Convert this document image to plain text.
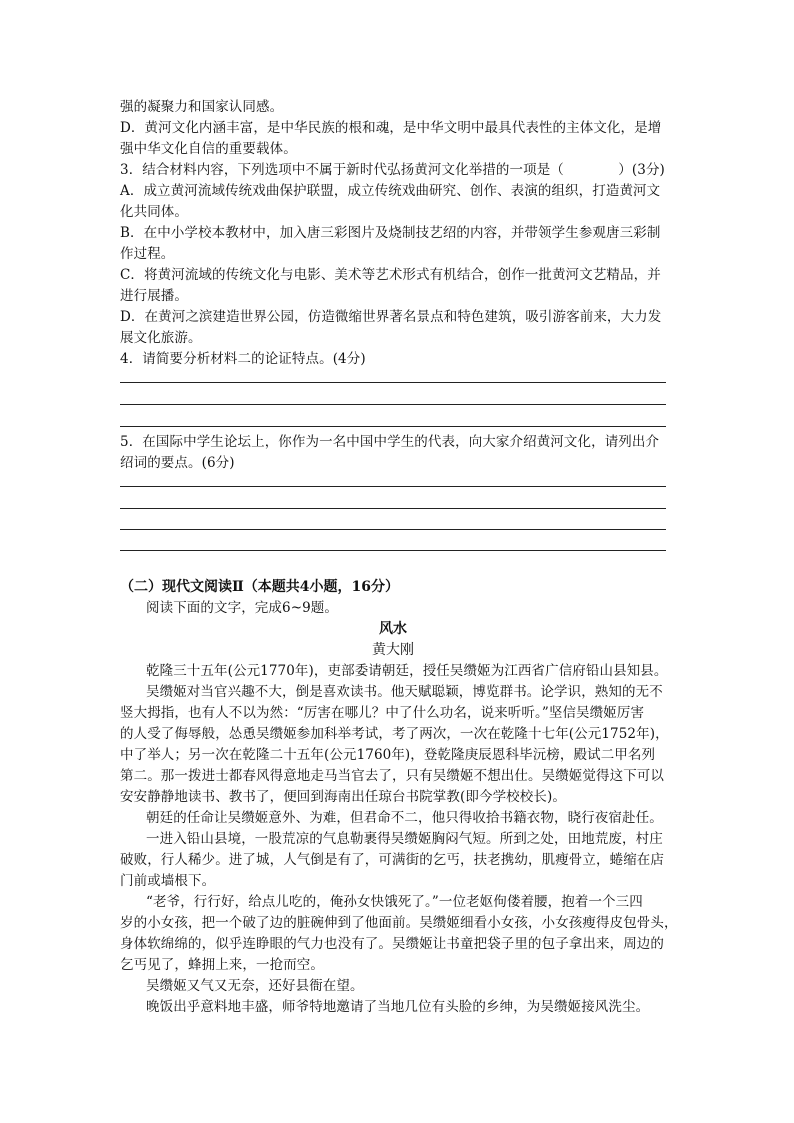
强的凝聚力和国家认同感。
D．黄河文化内涵丰富，是中华民族的根和魂，是中华文明中最具代表性的主体文化，是增
强中华文化自信的重要载体。
3．结合材料内容，下列选项中不属于新时代弘扬黄河文化举措的一项是（　　　　）(3分)
A．成立黄河流域传统戏曲保护联盟，成立传统戏曲研究、创作、表演的组织，打造黄河文
化共同体。
B．在中小学校本教材中，加入唐三彩图片及烧制技艺绍的内容，并带领学生参观唐三彩制
作过程。
C．将黄河流域的传统文化与电影、美术等艺术形式有机结合，创作一批黄河文艺精品，并
进行展播。
D．在黄河之滨建造世界公园，仿造微缩世界著名景点和特色建筑，吸引游客前来，大力发
展文化旅游。
4．请简要分析材料二的论证特点。(4分)
5．在国际中学生论坛上，你作为一名中国中学生的代表，向大家介绍黄河文化，请列出介
绍词的要点。(6分)
（二）现代文阅读Ⅱ（本题共4小题，16分）
阅读下面的文字，完成6~9题。
风水
黄大刚
乾隆三十五年(公元1770年)，吏部委请朝廷，授任吴缵姬为江西省广信府铅山县知县。
吴缵姬对当官兴趣不大，倒是喜欢读书。他天赋聪颖，博览群书。论学识，熟知的无不
竖大拇指，也有人不以为然：“厉害在哪儿？中了什么功名，说来听听。”坚信吴缵姬厉害
的人受了侮辱般，怂恿吴缵姬参加科举考试，考了两次，一次在乾隆十七年(公元1752年)，
中了举人；另一次在乾隆二十五年(公元1760年)，登乾隆庚辰恩科毕沅榜，殿试二甲名列
第二。那一拨进士都春风得意地走马当官去了，只有吴缵姬不想出仕。吴缵姬觉得这下可以
安安静静地读书、教书了，便回到海南出任琼台书院掌教(即今学校校长)。
朝廷的任命让吴缵姬意外、为难，但君命不二，他只得收拾书籍衣物，晓行夜宿赴任。
一进入铅山县境，一股荒凉的气息勒裹得吴缵姬胸闷气短。所到之处，田地荒废，村庄
破败，行人稀少。进了城，人气倒是有了，可满街的乞丐，扶老携幼，肌瘦骨立，蜷缩在店
门前或墙根下。
“老爷，行行好，给点儿吃的，俺孙女快饿死了。”一位老妪佝偻着腰，抱着一个三四
岁的小女孩，把一个破了边的脏碗伸到了他面前。吴缵姬细看小女孩，小女孩瘦得皮包骨头，
身体软绵绵的，似乎连睁眼的气力也没有了。吴缵姬让书童把袋子里的包子拿出来，周边的
乞丐见了，蜂拥上来，一抢而空。
吴缵姬又气又无奈，还好县衙在望。
晚饭出乎意料地丰盛，师爷特地邀请了当地几位有头脸的乡绅，为吴缵姬接风洗尘。
